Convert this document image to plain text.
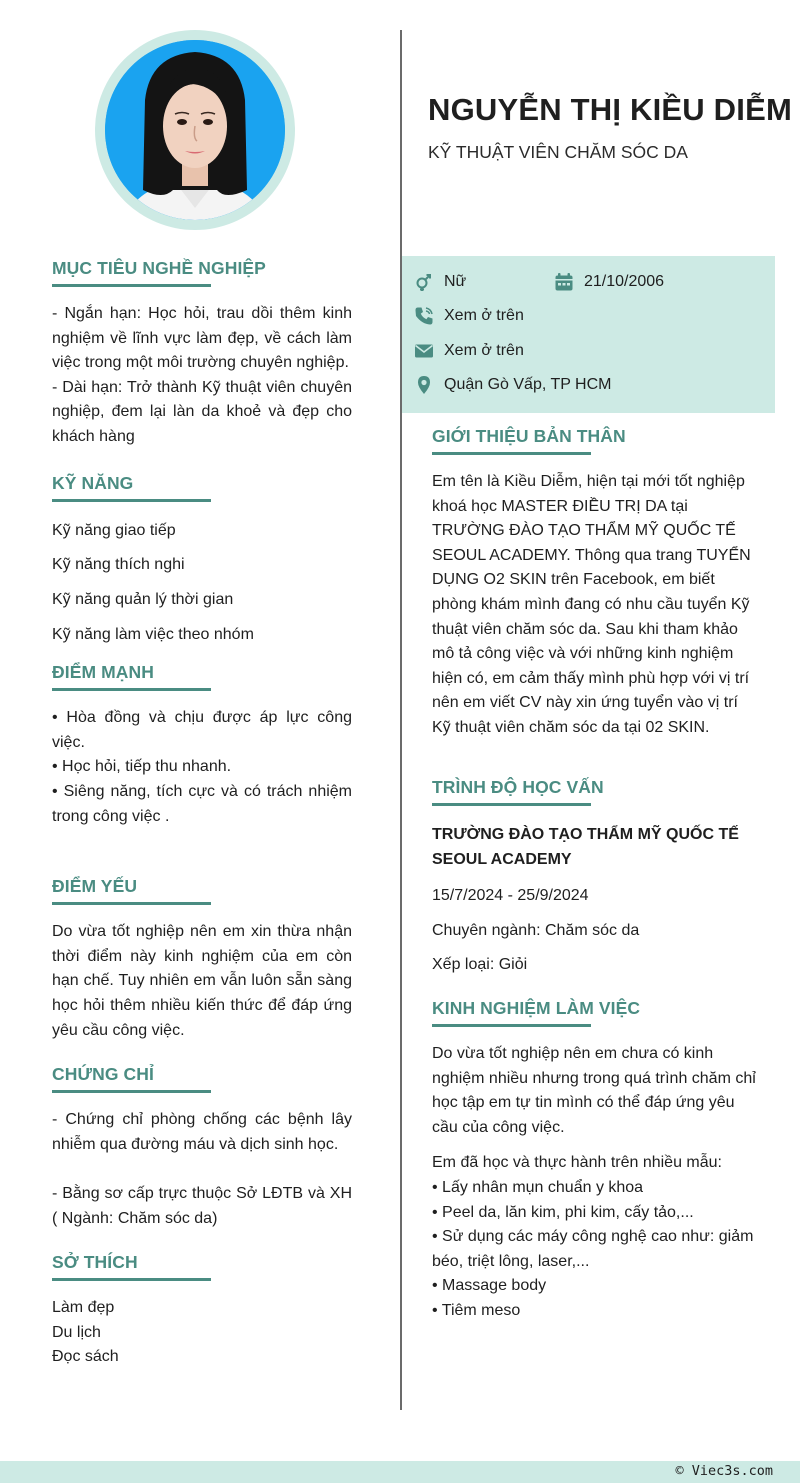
NGUYỄN THỊ KIỀU DIỄM
KỸ THUẬT VIÊN CHĂM SÓC DA
Nữ	21/10/2006
Xem ở trên
Xem ở trên
Quận Gò Vấp, TP HCM
MỤC TIÊU NGHỀ NGHIỆP

- Ngắn hạn: Học hỏi, trau dồi thêm kinh nghiệm về lĩnh vực làm đẹp, về cách làm việc trong một môi trường chuyên nghiệp.

- Dài hạn: Trở thành Kỹ thuật viên chuyên nghiệp, đem lại làn da khoẻ và đẹp cho khách hàng

KỸ NĂNG

Kỹ năng giao tiếp

Kỹ năng thích nghi

Kỹ năng quản lý thời gian

Kỹ năng làm việc theo nhóm

ĐIỂM MẠNH

• Hòa đồng và chịu được áp lực công việc.

• Học hỏi, tiếp thu nhanh.

• Siêng năng, tích cực và có trách nhiệm trong công việc .

ĐIỂM YẾU

Do vừa tốt nghiệp nên em xin thừa nhận thời điểm này kinh nghiệm của em còn hạn chế. Tuy nhiên em vẫn luôn sẵn sàng học hỏi thêm nhiều kiến thức để đáp ứng yêu cầu công việc.

CHỨNG CHỈ

- Chứng chỉ phòng chống các bệnh lây nhiễm qua đường máu và dịch sinh học.

- Bằng sơ cấp trực thuộc Sở LĐTB và XH ( Ngành: Chăm sóc da)

SỞ THÍCH

Làm đẹp

Du lịch

Đọc sách

GIỚI THIỆU BẢN THÂN

Em tên là Kiều Diễm, hiện tại mới tốt nghiệp khoá học MASTER ĐIỀU TRỊ DA tại TRƯỜNG ĐÀO TẠO THẨM MỸ QUỐC TẾ SEOUL ACADEMY. Thông qua trang TUYỂN DỤNG O2 SKIN trên Facebook, em biết phòng khám mình đang có nhu cầu tuyển Kỹ thuật viên chăm sóc da. Sau khi tham khảo mô tả công việc và với những kinh nghiệm hiện có, em cảm thấy mình phù hợp với vị trí nên em viết CV này xin ứng tuyển vào vị trí Kỹ thuật viên chăm sóc da tại 02 SKIN.

TRÌNH ĐỘ HỌC VẤN

TRƯỜNG ĐÀO TẠO THẨM MỸ QUỐC TẾ SEOUL ACADEMY

15/7/2024 - 25/9/2024

Chuyên ngành: Chăm sóc da

Xếp loại: Giỏi

KINH NGHIỆM LÀM VIỆC

Do vừa tốt nghiệp nên em chưa có kinh nghiệm nhiều nhưng trong quá trình chăm chỉ học tập em tự tin mình có thể đáp ứng yêu cầu của công việc.

Em đã học và thực hành trên nhiều mẫu:

• Lấy nhân mụn chuẩn y khoa

• Peel da, lăn kim, phi kim, cấy tảo,...

• Sử dụng các máy công nghệ cao như: giảm béo, triệt lông, laser,...

• Massage body

• Tiêm meso

© Viec3s.com
